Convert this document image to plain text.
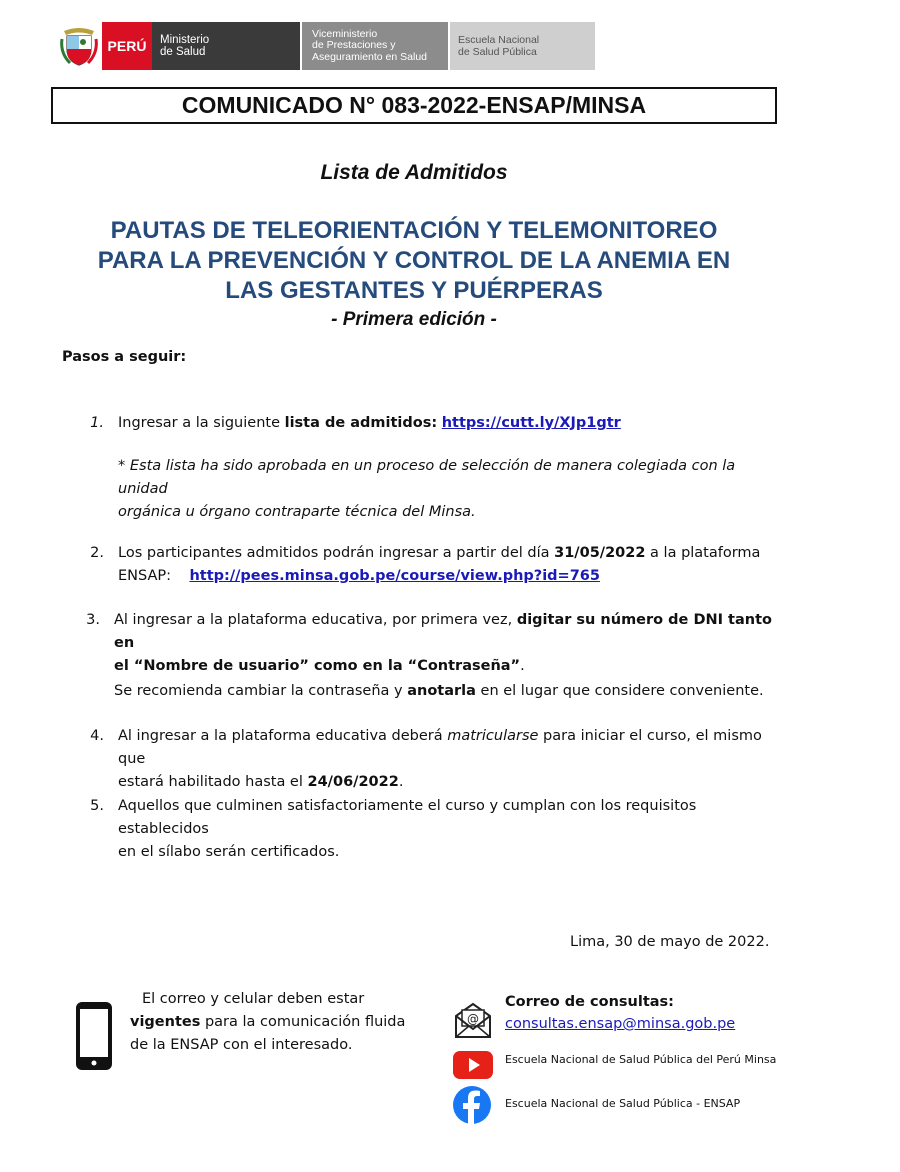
PERÚ Ministerio
de Salud
Viceministerio
de Prestaciones y
Aseguramiento en Salud
Escuela Nacional
de Salud Pública
COMUNICADO N° 083-2022-ENSAP/MINSA
Lista de Admitidos
PAUTAS DE TELEORIENTACIÓN Y TELEMONITOREO
PARA LA PREVENCIÓN Y CONTROL DE LA ANEMIA EN
LAS GESTANTES Y PUÉRPERAS
- Primera edición -
Pasos a seguir:
1. Ingresar a la siguiente lista de admitidos: https://cutt.ly/XJp1gtr
* Esta lista ha sido aprobada en un proceso de selección de manera colegiada con la unidad
orgánica u órgano contraparte técnica del Minsa.
2. Los participantes admitidos podrán ingresar a partir del día 31/05/2022 a la plataforma
ENSAP: http://pees.minsa.gob.pe/course/view.php?id=765
3. Al ingresar a la plataforma educativa, por primera vez, digitar su número de DNI tanto en
el “Nombre de usuario” como en la “Contraseña”.
Se recomienda cambiar la contraseña y anotarla en el lugar que considere conveniente.
4. Al ingresar a la plataforma educativa deberá matricularse para iniciar el curso, el mismo que
estará habilitado hasta el 24/06/2022.
5. Aquellos que culminen satisfactoriamente el curso y cumplan con los requisitos establecidos
en el sílabo serán certificados.
Lima, 30 de mayo de 2022.
El correo y celular deben estar
vigentes para la comunicación fluida
de la ENSAP con el interesado.
@
Correo de consultas:
consultas.ensap@minsa.gob.pe
Escuela Nacional de Salud Pública del Perú Minsa
Escuela Nacional de Salud Pública - ENSAP
